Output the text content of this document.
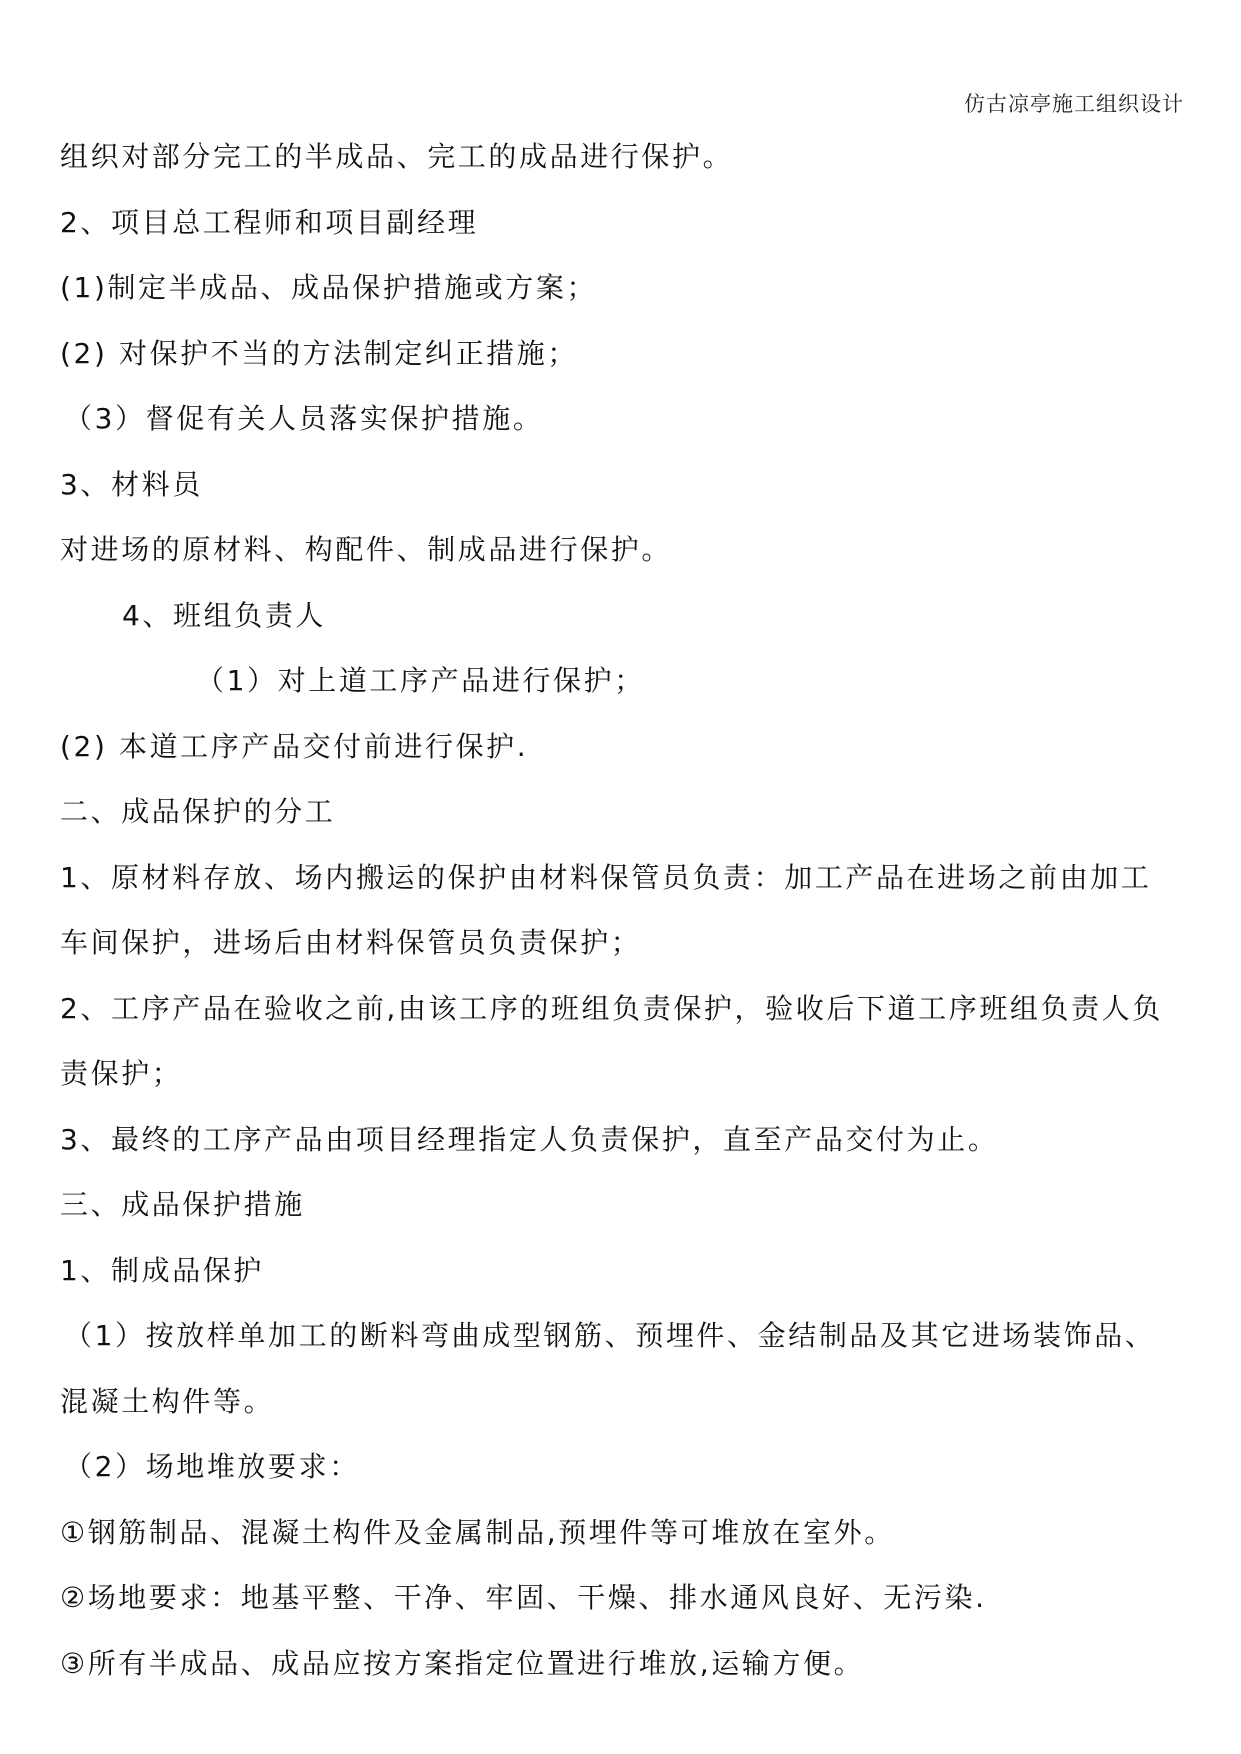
仿古凉亭施工组织设计
组织对部分完工的半成品、完工的成品进行保护。
2、项目总工程师和项目副经理
(1)制定半成品、成品保护措施或方案；
(2) 对保护不当的方法制定纠正措施；
（3）督促有关人员落实保护措施。
3、材料员
对进场的原材料、构配件、制成品进行保护。
4、班组负责人
（1）对上道工序产品进行保护；
(2) 本道工序产品交付前进行保护.
二、成品保护的分工
1、原材料存放、场内搬运的保护由材料保管员负责：加工产品在进场之前由加工
车间保护，进场后由材料保管员负责保护；
2、工序产品在验收之前,由该工序的班组负责保护，验收后下道工序班组负责人负
责保护；
3、最终的工序产品由项目经理指定人负责保护，直至产品交付为止。
三、成品保护措施
1、制成品保护
（1）按放样单加工的断料弯曲成型钢筋、预埋件、金结制品及其它进场装饰品、
混凝土构件等。
（2）场地堆放要求：
①钢筋制品、混凝土构件及金属制品,预埋件等可堆放在室外。
②场地要求：地基平整、干净、牢固、干燥、排水通风良好、无污染.
③所有半成品、成品应按方案指定位置进行堆放,运输方便。
